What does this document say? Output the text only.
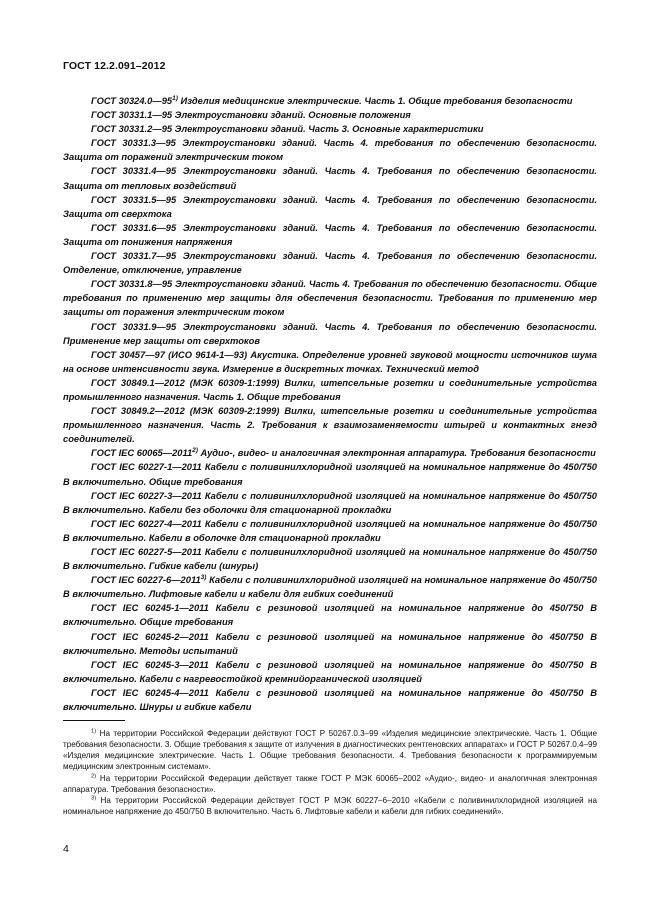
ГОСТ 12.2.091–2012

ГОСТ 30324.0—95$^{1)}$ Изделия медицинские электрические. Часть 1. Общие требования безопасности

ГОСТ 30331.1—95 Электроустановки зданий. Основные положения

ГОСТ 30331.2—95 Электроустановки зданий. Часть 3. Основные характеристики

ГОСТ 30331.3—95 Электроустановки зданий. Часть 4. требования по обеспечению безопасности. Защита от поражений электрическим током

ГОСТ 30331.4—95 Электроустановки зданий. Часть 4. Требования по обеспечению безопасности. Защита от тепловых воздействий

ГОСТ 30331.5—95 Электроустановки зданий. Часть 4. Требования по обеспечению безопасности. Защита от сверхтока

ГОСТ 30331.6—95 Электроустановки зданий. Часть 4. Требования по обеспечению безопасности. Защита от понижения напряжения

ГОСТ 30331.7—95 Электроустановки зданий. Часть 4. Требования по обеспечению безопасности. Отделение, отключение, управление

ГОСТ 30331.8—95 Электроустановки зданий. Часть 4. Требования по обеспечению безопасности. Общие требования по применению мер защиты для обеспечения безопасности. Требования по применению мер защиты от поражения электрическим током

ГОСТ 30331.9—95 Электроустановки зданий. Часть 4. Требования по обеспечению безопасности. Применение мер защиты от сверхтоков

ГОСТ 30457—97 (ИСО 9614-1—93) Акустика. Определение уровней звуковой мощности источников шума на основе интенсивности звука. Измерение в дискретных точках. Технический метод

ГОСТ 30849.1—2012 (МЭК 60309-1:1999) Вилки, штепсельные розетки и соединительные устройства промышленного назначения. Часть 1. Общие требования

ГОСТ 30849.2—2012 (МЭК 60309-2:1999) Вилки, штепсельные розетки и соединительные устройства промышленного назначения. Часть 2. Требования к взаимозаменяемости штырей и контактных гнезд соединителей.

ГОСТ IEC 60065—2011$^{2)}$ Аудио-, видео- и аналогичная электронная аппаратура. Требования безопасности

ГОСТ IEC 60227-1—2011 Кабели с поливинилхлоридной изоляцией на номинальное напряжение до 450/750 В включительно. Общие требования

ГОСТ IEC 60227-3—2011 Кабели с поливинилхлоридной изоляцией на номинальное напряжение до 450/750 В включительно. Кабели без оболочки для стационарной прокладки

ГОСТ IEC 60227-4—2011 Кабели с поливинилхлоридной изоляцией на номинальное напряжение до 450/750 В включительно. Кабели в оболочке для стационарной прокладки

ГОСТ IEC 60227-5—2011 Кабели с поливинилхлоридной изоляцией на номинальное напряжение до 450/750 В включительно. Гибкие кабели (шнуры)

ГОСТ IEC 60227-6—2011$^{3)}$ Кабели с поливинилхлоридной изоляцией на номинальное напряжение до 450/750 В включительно. Лифтовые кабели и кабели для гибких соединений

ГОСТ IEC 60245-1—2011 Кабели с резиновой изоляцией на номинальное напряжение до 450/750 В включительно. Общие требования

ГОСТ IEC 60245-2—2011 Кабели с резиновой изоляцией на номинальное напряжение до 450/750 В включительно. Методы испытаний

ГОСТ IEC 60245-3—2011 Кабели с резиновой изоляцией на номинальное напряжение до 450/750 В включительно. Кабели с нагревостойкой кремнийорганической изоляцией

ГОСТ IEC 60245-4—2011 Кабели с резиновой изоляцией на номинальное напряжение до 450/750 В включительно. Шнуры и гибкие кабели

$^{1)}$ На территории Российской Федерации действуют ГОСТ Р 50267.0.3–99 «Изделия медицинские электрические. Часть 1. Общие требования безопасности. 3. Общие требования к защите от излучения в диагностических рентгеновских аппаратах» и ГОСТ Р 50267.0.4–99 «Изделия медицинские электрические. Часть 1. Общие требования безопасности. 4. Требования безопасности к программируемым медицинским электронным системам».

$^{2)}$ На территории Российской Федерации действует также ГОСТ Р МЭК 60065–2002 «Аудио-, видео- и аналогичная электронная аппаратура. Требования безопасности».

$^{3)}$ На территории Российской Федерации действует ГОСТ Р МЭК 60227–6–2010 «Кабели с поливинилхлоридной изоляцией на номинальное напряжение до 450/750 В включительно. Часть 6. Лифтовые кабели и кабели для гибких соединений».

4
